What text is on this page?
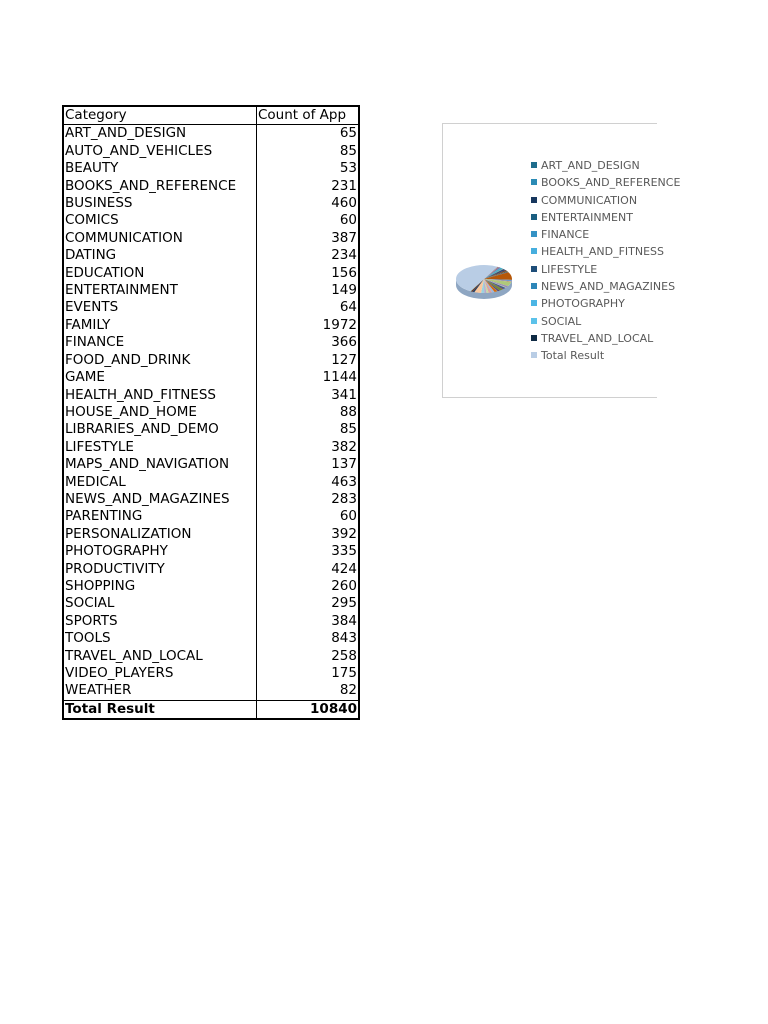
Category	Count of App
ART_AND_DESIGN	65
AUTO_AND_VEHICLES	85
BEAUTY	53
BOOKS_AND_REFERENCE	231
BUSINESS	460
COMICS	60
COMMUNICATION	387
DATING	234
EDUCATION	156
ENTERTAINMENT	149
EVENTS	64
FAMILY	1972
FINANCE	366
FOOD_AND_DRINK	127
GAME	1144
HEALTH_AND_FITNESS	341
HOUSE_AND_HOME	88
LIBRARIES_AND_DEMO	85
LIFESTYLE	382
MAPS_AND_NAVIGATION	137
MEDICAL	463
NEWS_AND_MAGAZINES	283
PARENTING	60
PERSONALIZATION	392
PHOTOGRAPHY	335
PRODUCTIVITY	424
SHOPPING	260
SOCIAL	295
SPORTS	384
TOOLS	843
TRAVEL_AND_LOCAL	258
VIDEO_PLAYERS	175
WEATHER	82
Total Result	10840
ART_AND_DESIGN
BOOKS_AND_REFERENCE
COMMUNICATION
ENTERTAINMENT
FINANCE
HEALTH_AND_FITNESS
LIFESTYLE
NEWS_AND_MAGAZINES
PHOTOGRAPHY
SOCIAL
TRAVEL_AND_LOCAL
Total Result
